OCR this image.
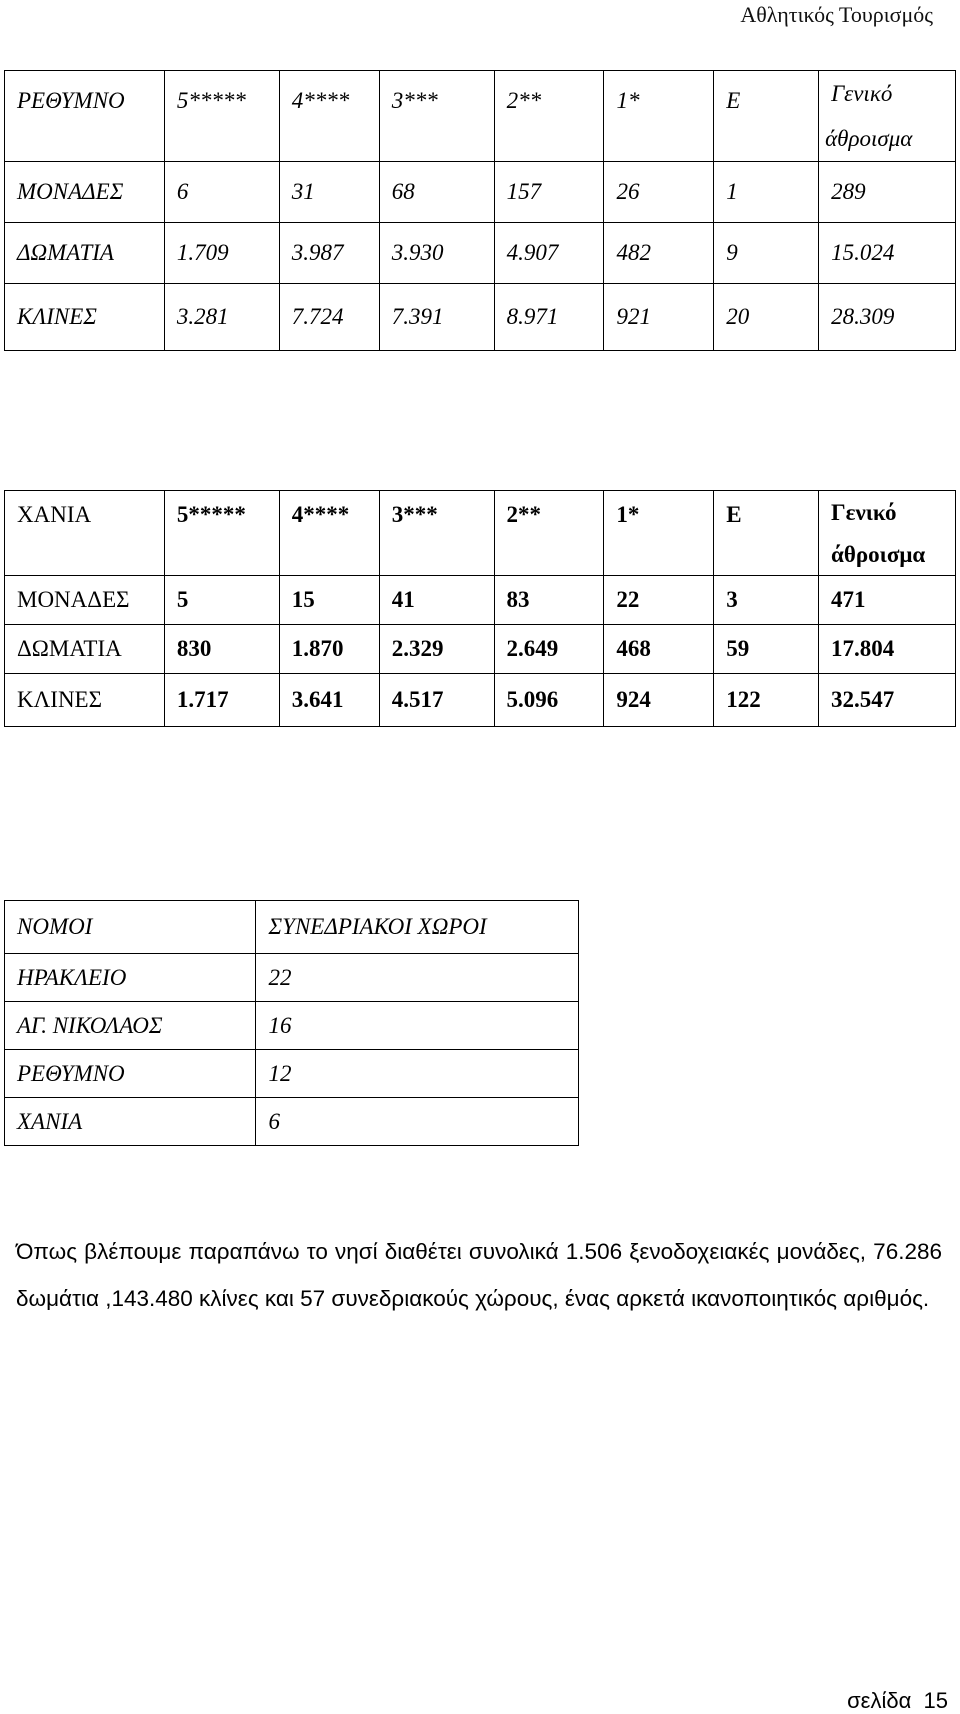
Αθλητικός Τουρισμός
ΡΕΘΥΜΝΟ	5*****	4****	3***	2**	1*	Ε	Γενικό
άθροισμα

ΜΟΝΑΔΕΣ	6	31	68	157	26	1	289

ΔΩΜΑΤΙΑ	1.709	3.987	3.930	4.907	482	9	15.024

ΚΛΙΝΕΣ	3.281	7.724	7.391	8.971	921	20	28.309
ΧΑΝΙΑ	5*****	4****	3***	2**	1*	Ε	Γενικό
άθροισμα

ΜΟΝΑΔΕΣ	5	15	41	83	22	3	471

ΔΩΜΑΤΙΑ	830	1.870	2.329	2.649	468	59	17.804

ΚΛΙΝΕΣ	1.717	3.641	4.517	5.096	924	122	32.547
ΝΟΜΟΙ	ΣΥΝΕΔΡΙΑΚΟΙ ΧΩΡΟΙ

ΗΡΑΚΛΕΙΟ	22

ΑΓ. ΝΙΚΟΛΑΟΣ	16

ΡΕΘΥΜΝΟ	12

ΧΑΝΙΑ	6
Όπως βλέπουμε παραπάνω το νησί διαθέτει συνολικά 1.506 ξενοδοχειακές μονάδες, 76.286 δωμάτια ,143.480 κλίνες και 57 συνεδριακούς χώρους, ένας αρκετά ικανοποιητικός αριθμός.
σελίδα  15
